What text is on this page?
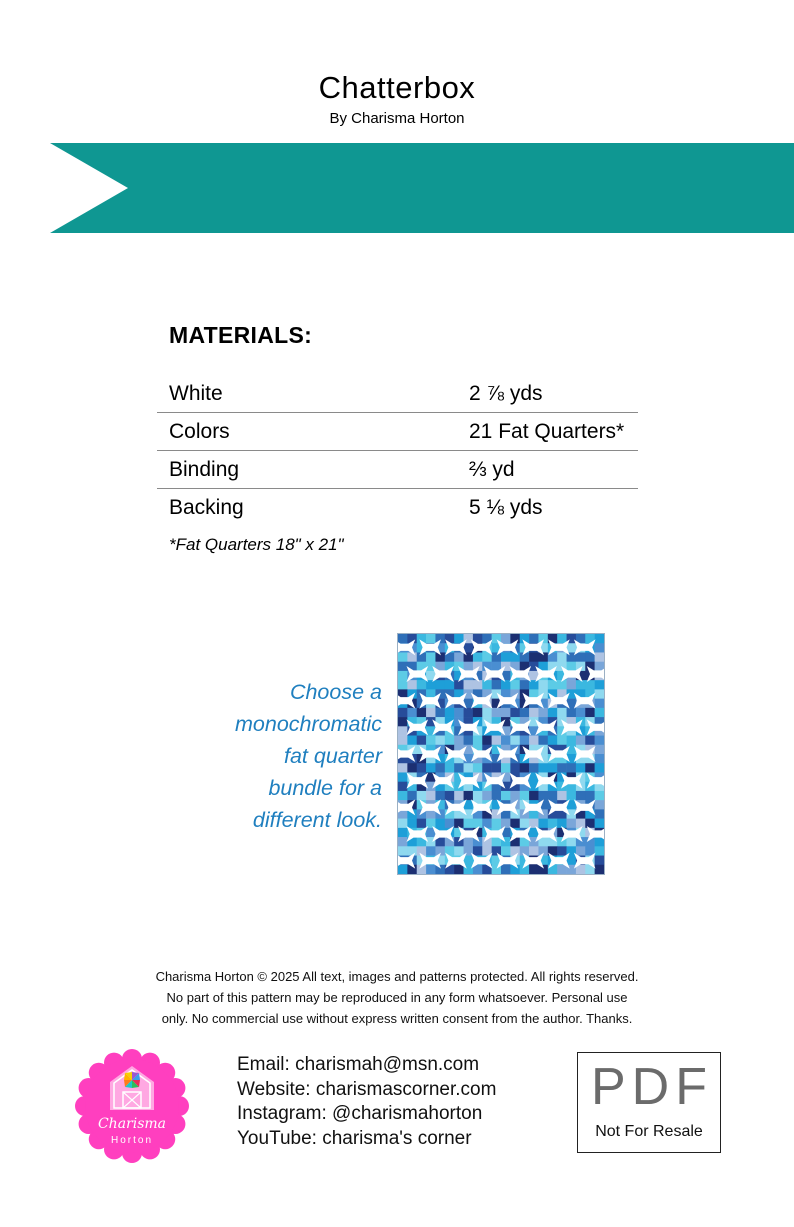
Chatterbox
By Charisma Horton
MATERIALS:
White	2 ⅞ yds
Colors	21 Fat Quarters*
Binding	⅔ yd
Backing	5 ⅛ yds
*Fat Quarters 18" x 21"
Choose a
monochromatic
fat quarter
bundle for a
different look.
Charisma Horton © 2025 All text, images and patterns protected. All rights reserved.
No part of this pattern may be reproduced in any form whatsoever. Personal use
only. No commercial use without express written consent from the author. Thanks.
Charisma
Horton
Email: charismah@msn.com
Website: charismascorner.com
Instagram: @charismahorton
YouTube: charisma's corner
PDF
Not For Resale
